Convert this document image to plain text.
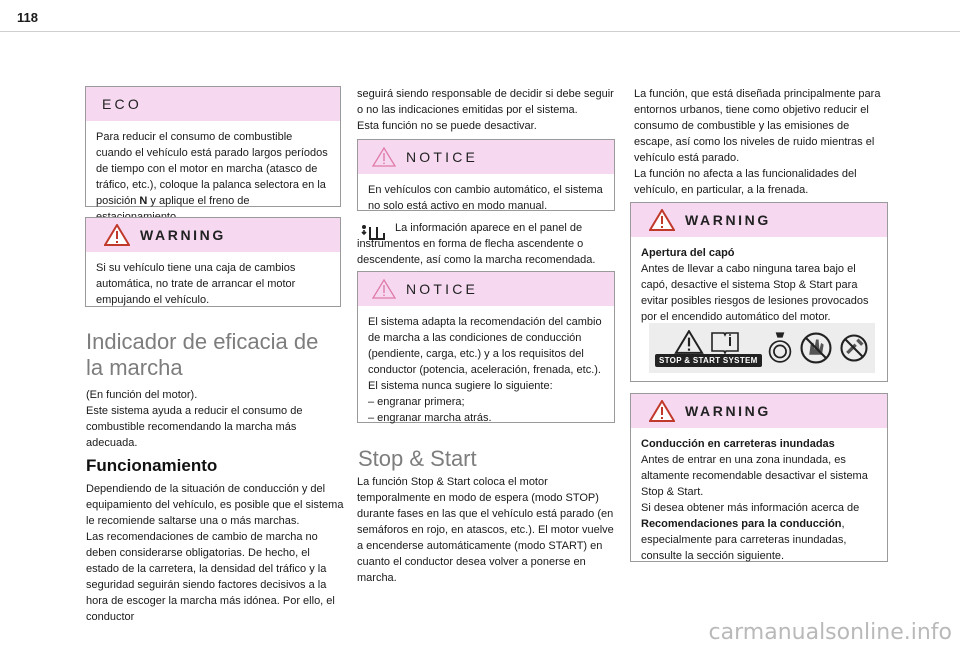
118
ECO

Para reducir el consumo de combustible cuando el vehículo está parado largos períodos de tiempo con el motor en marcha (atasco de tráfico, etc.), coloque la palanca selectora en la posición N y aplique el freno de

WARNING

Si su vehículo tiene una caja de cambios automática, no trate de arrancar el motor empujando el vehículo.

Indicador de eficacia de la marcha

(En función del motor).

Este sistema ayuda a reducir el consumo de combustible recomendando la marcha más adecuada.

Funcionamiento

Dependiendo de la situación de conducción y del equipamiento del vehículo, es posible que el sistema le recomiende saltarse una o más marchas.

Las recomendaciones de cambio de marcha no deben considerarse obligatorias. De hecho, el estado de la carretera, la densidad del tráfico y la seguridad seguirán siendo factores decisivos a la hora de escoger la marcha más idónea. Por ello, el conductor

seguirá siendo responsable de decidir si debe seguir o no las indicaciones emitidas por el sistema.

Esta función no se puede desactivar.

NOTICE

En vehículos con cambio automático, el sistema no solo está activo en modo manual.

La información aparece en el panel de instrumentos en forma de flecha ascendente o descendente, así como la marcha recomendada.

NOTICE

El sistema adapta la recomendación del cambio de marcha a las condiciones de conducción (pendiente, carga, etc.) y a los requisitos del conductor (potencia, aceleración, frenada, etc.).

El sistema nunca sugiere lo siguiente:

– engranar primera;

– engranar marcha atrás.

Stop & Start

La función Stop & Start coloca el motor temporalmente en modo de espera (modo STOP) durante fases en las que el vehículo está parado (en semáforos en rojo, en atascos, etc.). El motor vuelve a encenderse automáticamente (modo START) en cuanto el conductor desea volver a ponerse en marcha.

La función, que está diseñada principalmente para entornos urbanos, tiene como objetivo reducir el consumo de combustible y las emisiones de escape, así como los niveles de ruido mientras el vehículo está parado.

La función no afecta a las funcionalidades del vehículo, en particular, a la frenada.

WARNING

Apertura del capó

Antes de llevar a cabo ninguna tarea bajo el capó, desactive el sistema Stop & Start para evitar posibles riesgos de lesiones provocados por el encendido automático del motor.

STOP & START SYSTEM
WARNING

Conducción en carreteras inundadas

Antes de entrar en una zona inundada, es altamente recomendable desactivar el sistema Stop & Start.

Si desea obtener más información acerca de Recomendaciones para la conducción, especialmente para carreteras inundadas, consulte la sección siguiente.

carmanualsonline.info
